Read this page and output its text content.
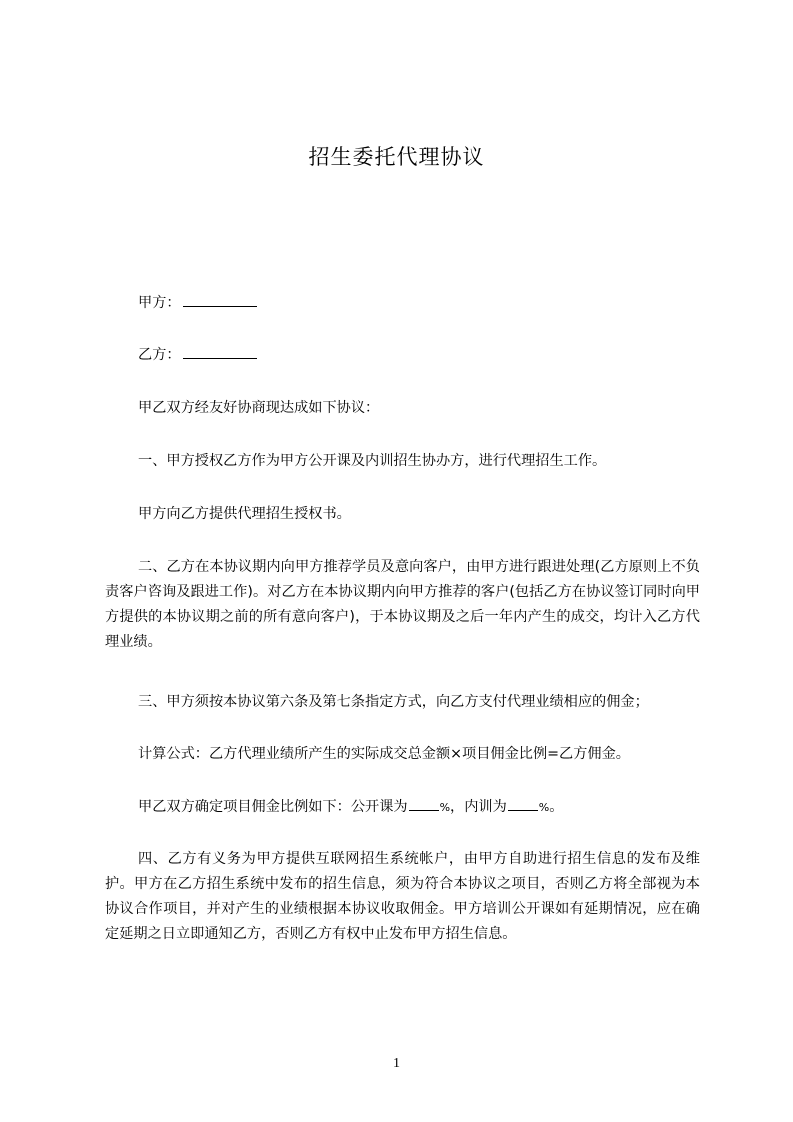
招生委托代理协议
甲方：
乙方：

甲乙双方经友好协商现达成如下协议：

一、甲方授权乙方作为甲方公开课及内训招生协办方，进行代理招生工作。

甲方向乙方提供代理招生授权书。

二、乙方在本协议期内向甲方推荐学员及意向客户，由甲方进行跟进处理(乙方原则上不负责客户咨询及跟进工作)。对乙方在本协议期内向甲方推荐的客户(包括乙方在协议签订同时向甲方提供的本协议期之前的所有意向客户)，于本协议期及之后一年内产生的成交，均计入乙方代理业绩。

三、甲方须按本协议第六条及第七条指定方式，向乙方支付代理业绩相应的佣金；

计算公式：乙方代理业绩所产生的实际成交总金额×项目佣金比例=乙方佣金。

甲乙双方确定项目佣金比例如下：公开课为	%，内训为	%。

四、乙方有义务为甲方提供互联网招生系统帐户，由甲方自助进行招生信息的发布及维护。甲方在乙方招生系统中发布的招生信息，须为符合本协议之项目，否则乙方将全部视为本协议合作项目，并对产生的业绩根据本协议收取佣金。甲方培训公开课如有延期情况，应在确定延期之日立即通知乙方，否则乙方有权中止发布甲方招生信息。

1
